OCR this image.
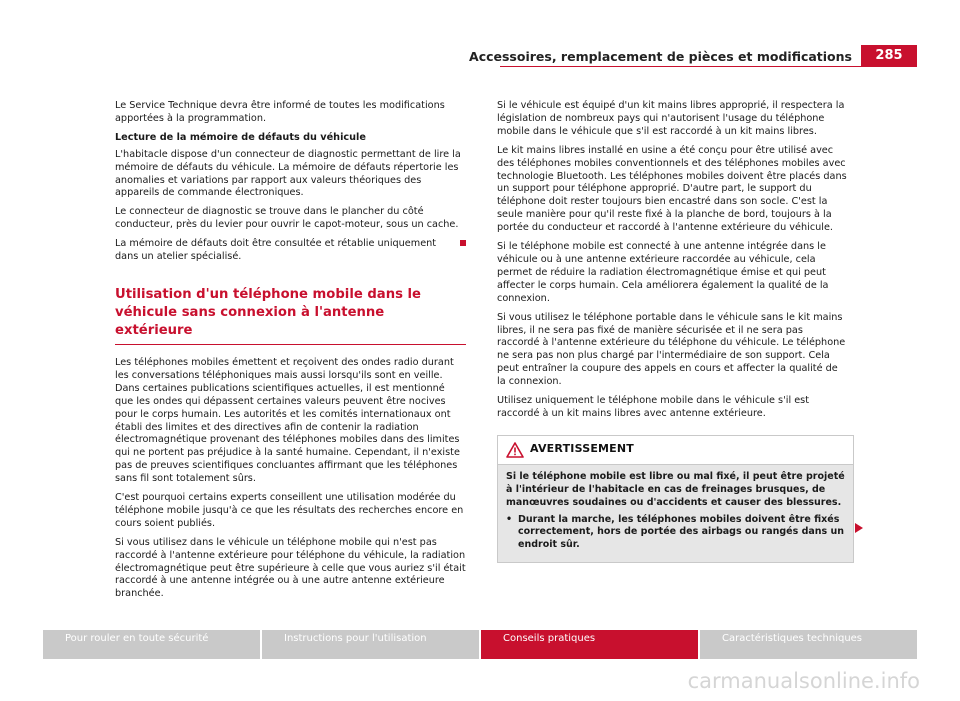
Accessoires, remplacement de pièces et modifications	285

Le Service Technique devra être informé de toutes les modifications apportées à la programmation.

Lecture de la mémoire de défauts du véhicule

L'habitacle dispose d'un connecteur de diagnostic permettant de lire la mémoire de défauts du véhicule. La mémoire de défauts répertorie les anomalies et variations par rapport aux valeurs théoriques des appareils de commande électroniques.

Le connecteur de diagnostic se trouve dans le plancher du côté conducteur, près du levier pour ouvrir le capot-moteur, sous un cache.

La mémoire de défauts doit être consultée et rétablie uniquement dans un atelier spécialisé.

Utilisation d'un téléphone mobile dans le véhicule sans connexion à l'antenne extérieure

Les téléphones mobiles émettent et reçoivent des ondes radio durant les conversations téléphoniques mais aussi lorsqu'ils sont en veille. Dans certaines publications scientifiques actuelles, il est mentionné que les ondes qui dépassent certaines valeurs peuvent être nocives pour le corps humain. Les autorités et les comités internationaux ont établi des limites et des directives afin de contenir la radiation électromagnétique provenant des téléphones mobiles dans des limites qui ne portent pas préjudice à la santé humaine. Cependant, il n'existe pas de preuves scientifiques concluantes affirmant que les téléphones sans fil sont totalement sûrs.

C'est pourquoi certains experts conseillent une utilisation modérée du téléphone mobile jusqu'à ce que les résultats des recherches encore en cours soient publiés.

Si vous utilisez dans le véhicule un téléphone mobile qui n'est pas raccordé à l'antenne extérieure pour téléphone du véhicule, la radiation électromagnétique peut être supérieure à celle que vous auriez s'il était raccordé à une antenne intégrée ou à une autre antenne extérieure branchée.

Si le véhicule est équipé d'un kit mains libres approprié, il respectera la législation de nombreux pays qui n'autorisent l'usage du téléphone mobile dans le véhicule que s'il est raccordé à un kit mains libres.

Le kit mains libres installé en usine a été conçu pour être utilisé avec des téléphones mobiles conventionnels et des téléphones mobiles avec technologie Bluetooth. Les téléphones mobiles doivent être placés dans un support pour téléphone approprié. D'autre part, le support du téléphone doit rester toujours bien encastré dans son socle. C'est la seule manière pour qu'il reste fixé à la planche de bord, toujours à la portée du conducteur et raccordé à l'antenne extérieure du véhicule.

Si le téléphone mobile est connecté à une antenne intégrée dans le véhicule ou à une antenne extérieure raccordée au véhicule, cela permet de réduire la radiation électromagnétique émise et qui peut affecter le corps humain. Cela améliorera également la qualité de la connexion.

Si vous utilisez le téléphone portable dans le véhicule sans le kit mains libres, il ne sera pas fixé de manière sécurisée et il ne sera pas raccordé à l'antenne extérieure du téléphone du véhicule. Le téléphone ne sera pas non plus chargé par l'intermédiaire de son support. Cela peut entraîner la coupure des appels en cours et affecter la qualité de la connexion.

Utilisez uniquement le téléphone mobile dans le véhicule s'il est raccordé à un kit mains libres avec antenne extérieure.

AVERTISSEMENT

Si le téléphone mobile est libre ou mal fixé, il peut être projeté à l'intérieur de l'habitacle en cas de freinages brusques, de manœuvres soudaines ou d'accidents et causer des blessures.

• Durant la marche, les téléphones mobiles doivent être fixés correctement, hors de portée des airbags ou rangés dans un endroit sûr.

Pour rouler en toute sécurité	Instructions pour l'utilisation	Conseils pratiques	Caractéristiques techniques
carmanualsonline.info
